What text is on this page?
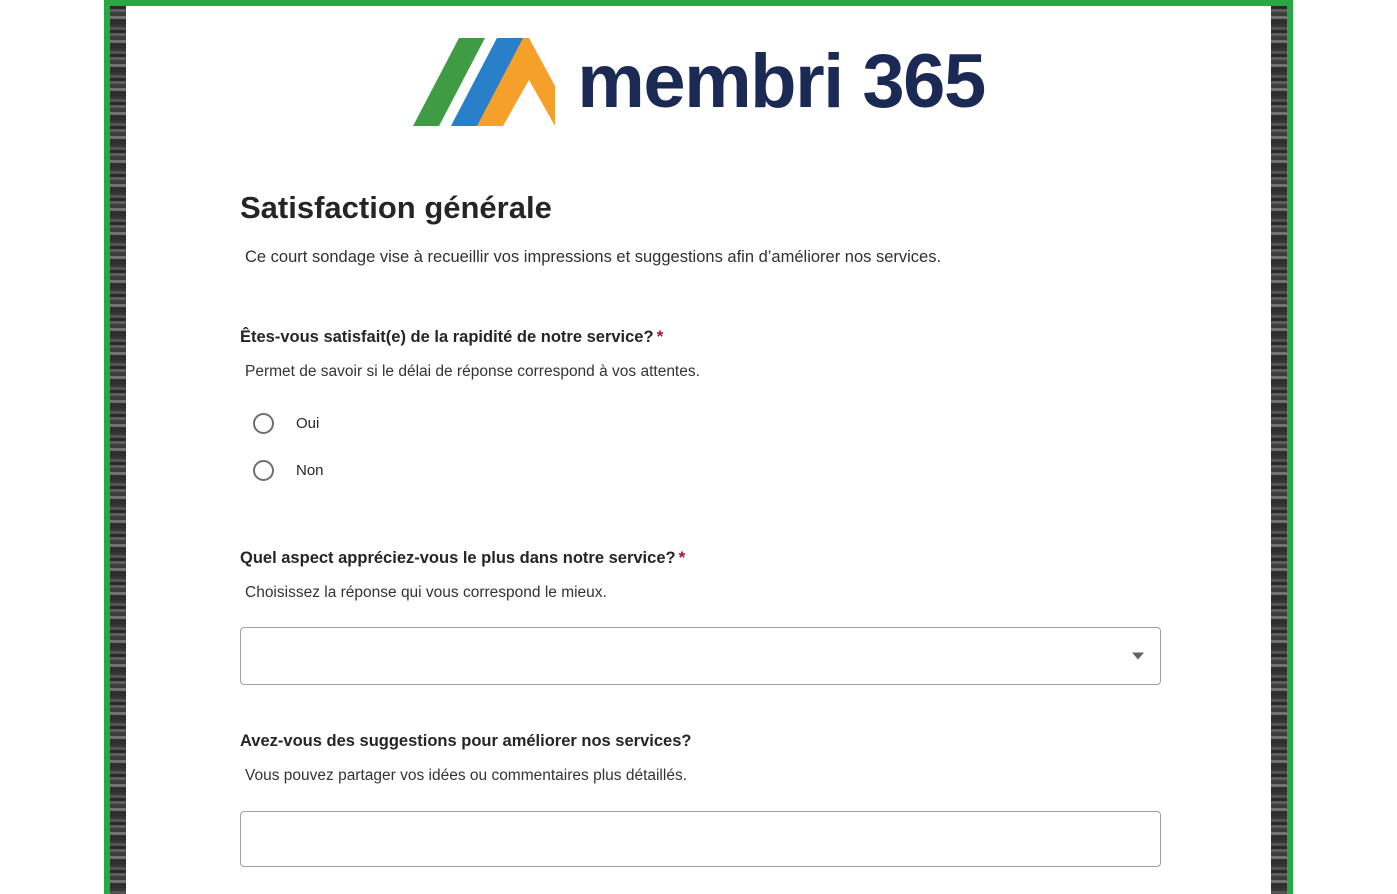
membri 365
Satisfaction générale

Ce court sondage vise à recueillir vos impressions et suggestions afin d’améliorer nos services.

Êtes-vous satisfait(e) de la rapidité de notre service? *

Permet de savoir si le délai de réponse correspond à vos attentes.

Oui
Non

Quel aspect appréciez-vous le plus dans notre service? *

Choisissez la réponse qui vous correspond le mieux.

Avez-vous des suggestions pour améliorer nos services?

Vous pouvez partager vos idées ou commentaires plus détaillés.
